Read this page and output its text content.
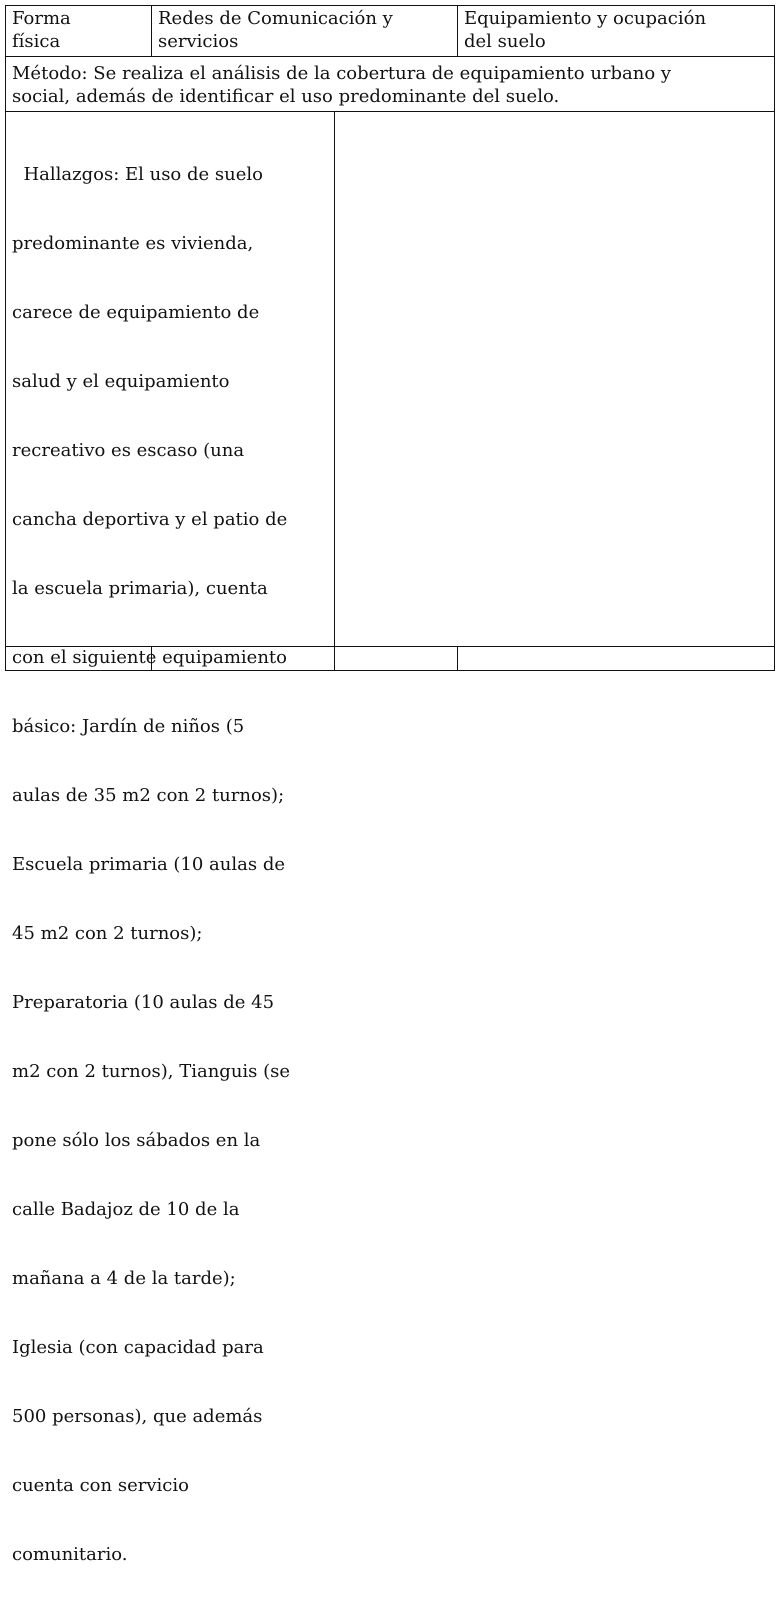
Forma
física
Redes de Comunicación y
servicios
Equipamiento y ocupación
del suelo
Método: Se realiza el análisis de la cobertura de equipamiento urbano y
social, además de identificar el uso predominante del suelo.

Hallazgos: El uso de suelo

predominante es vivienda,

carece de equipamiento de

salud y el equipamiento

recreativo es escaso (una

cancha deportiva y el patio de

la escuela primaria), cuenta

con el siguiente equipamiento

básico: Jardín de niños (5

aulas de 35 m2 con 2 turnos);

Escuela primaria (10 aulas de

45 m2 con 2 turnos);

Preparatoria (10 aulas de 45

m2 con 2 turnos), Tianguis (se

pone sólo los sábados en la

calle Badajoz de 10 de la

mañana a 4 de la tarde);

Iglesia (con capacidad para

500 personas), que además

cuenta con servicio

comunitario.
